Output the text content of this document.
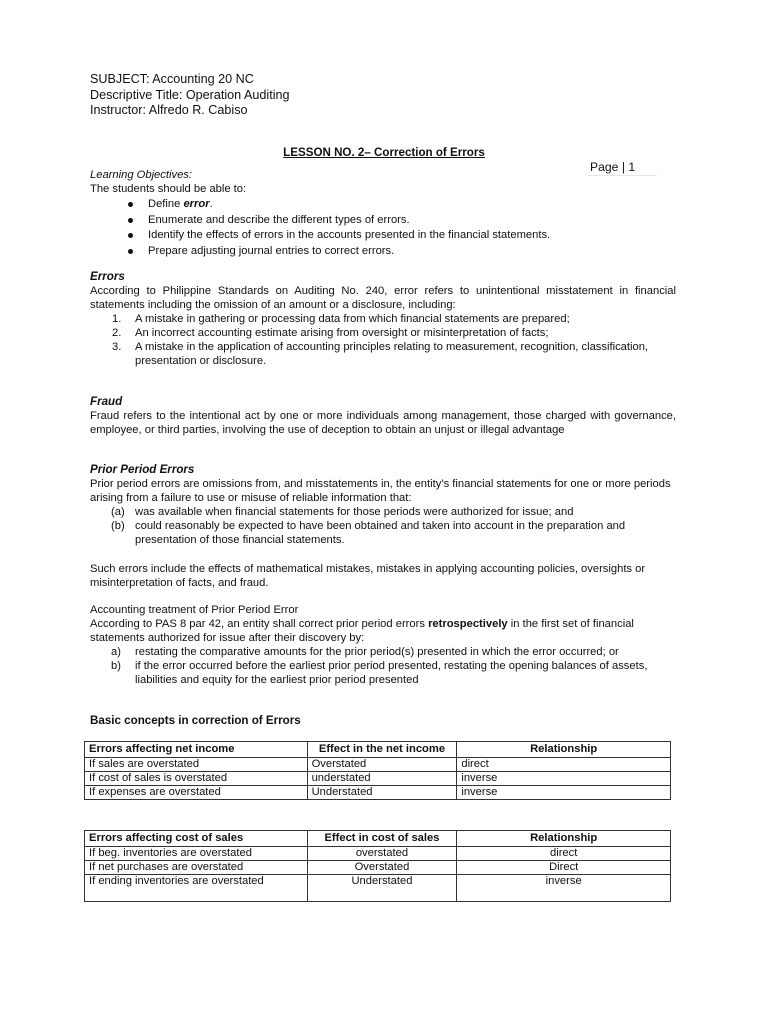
SUBJECT: Accounting 20 NC
Descriptive Title: Operation Auditing
Instructor: Alfredo R. Cabiso
LESSON NO. 2– Correction of Errors
Page | 1
Learning Objectives:
The students should be able to:
Define error.
Enumerate and describe the different types of errors.
Identify the effects of errors in the accounts presented in the financial statements.
Prepare adjusting journal entries to correct errors.
Errors
According to Philippine Standards on Auditing No. 240, error refers to unintentional misstatement in financial statements including the omission of an amount or a disclosure, including:
1. A mistake in gathering or processing data from which financial statements are prepared;
2. An incorrect accounting estimate arising from oversight or misinterpretation of facts;
3. A mistake in the application of accounting principles relating to measurement, recognition, classification, presentation or disclosure.
Fraud
Fraud refers to the intentional act by one or more individuals among management, those charged with governance, employee, or third parties, involving the use of deception to obtain an unjust or illegal advantage
Prior Period Errors
Prior period errors are omissions from, and misstatements in, the entity’s financial statements for one or more periods arising from a failure to use or misuse of reliable information that:
(a) was available when financial statements for those periods were authorized for issue; and
(b) could reasonably be expected to have been obtained and taken into account in the preparation and presentation of those financial statements.
Such errors include the effects of mathematical mistakes, mistakes in applying accounting policies, oversights or misinterpretation of facts, and fraud.
Accounting treatment of Prior Period Error
According to PAS 8 par 42, an entity shall correct prior period errors retrospectively in the first set of financial statements authorized for issue after their discovery by:
a) restating the comparative amounts for the prior period(s) presented in which the error occurred; or
b) if the error occurred before the earliest prior period presented, restating the opening balances of assets, liabilities and equity for the earliest prior period presented
Basic concepts in correction of Errors
Errors affecting net income	Effect in the net income	Relationship
If sales are overstated	Overstated	direct
If cost of sales is overstated	understated	inverse
If expenses are overstated	Understated	inverse
Errors affecting cost of sales	Effect in cost of sales	Relationship
If beg. inventories are overstated	overstated	direct
If net purchases are overstated	Overstated	Direct
If ending inventories are overstated	Understated	inverse
